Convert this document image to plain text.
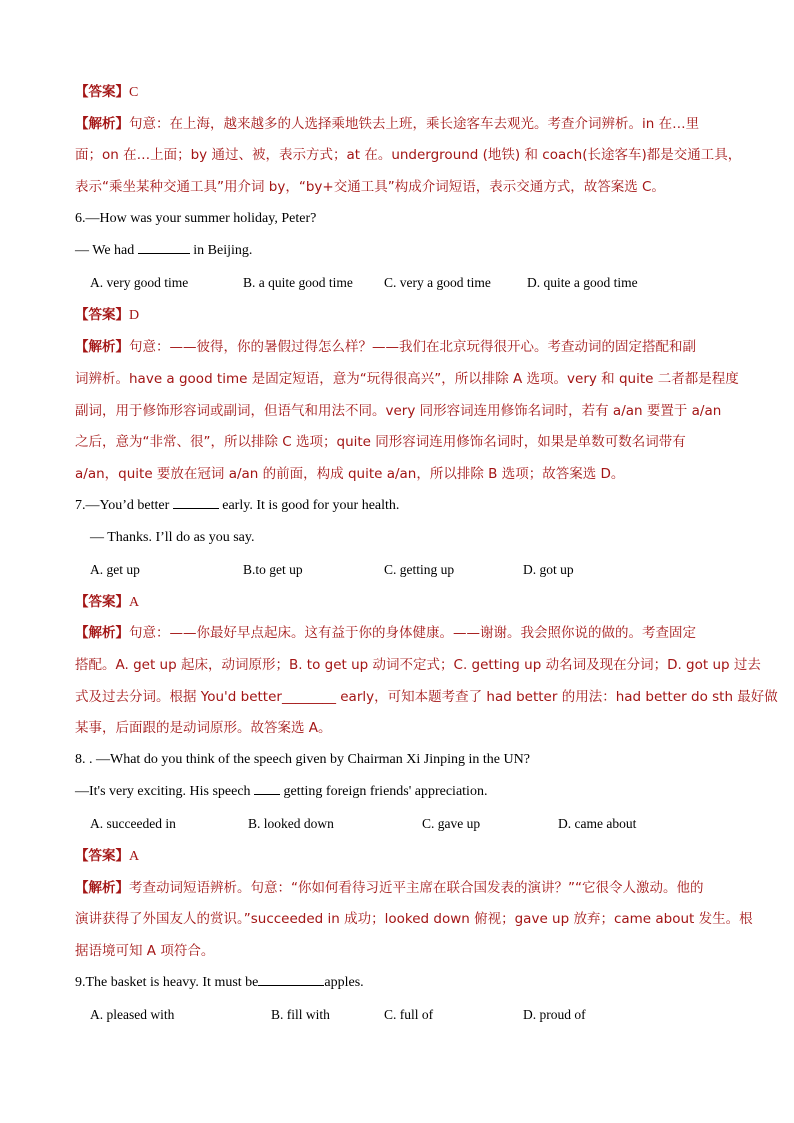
【答案】C
【解析】句意：在上海，越来越多的人选择乘地铁去上班，乘长途客车去观光。考查介词辨析。in 在…里
面；on 在…上面；by 通过、被，表示方式；at 在。underground (地铁) 和 coach(长途客车)都是交通工具，
表示“乘坐某种交通工具”用介词 by，“by+交通工具”构成介词短语，表示交通方式，故答案选 C。
6.—How was your summer holiday, Peter?
— We had	in Beijing.
A. very good time	B. a quite good time C. very a good time	D. quite a good time
【答案】D
【解析】句意：——彼得，你的暑假过得怎么样？——我们在北京玩得很开心。考查动词的固定搭配和副
词辨析。have a good time 是固定短语，意为“玩得很高兴”，所以排除 A 选项。very 和 quite 二者都是程度
副词，用于修饰形容词或副词，但语气和用法不同。very 同形容词连用修饰名词时，若有 a/an 要置于 a/an
之后，意为“非常、很”，所以排除 C 选项；quite 同形容词连用修饰名词时，如果是单数可数名词带有
a/an，quite 要放在冠词 a/an 的前面，构成 quite a/an，所以排除 B 选项；故答案选 D。
7.—You’d better	early. It is good for your health.
— Thanks. I’ll do as you say.
A. get up	B.to get up	C. getting up	D. got up
【答案】A
【解析】句意：——你最好早点起床。这有益于你的身体健康。——谢谢。我会照你说的做的。考查固定
搭配。A. get up 起床，动词原形；B. to get up 动词不定式；C. getting up 动名词及现在分词；D. got up 过去
式及过去分词。根据 You'd better________ early，可知本题考查了 had better 的用法：had better do sth 最好做
某事，后面跟的是动词原形。故答案选 A。
8. . —What do you think of the speech given by Chairman Xi Jinping in the UN?
—It's very exciting. His speech getting foreign friends' appreciation.
A. succeeded in	B. looked down	C. gave up	D. came about
【答案】A
【解析】考查动词短语辨析。句意：“你如何看待习近平主席在联合国发表的演讲？”“它很令人激动。他的
演讲获得了外国友人的赏识。”succeeded in 成功；looked down 俯视；gave up 放弃；came about 发生。根
据语境可知 A 项符合。
9.The basket is heavy. It must be	apples.
A. pleased with	B. fill with	C. full of	D. proud of
